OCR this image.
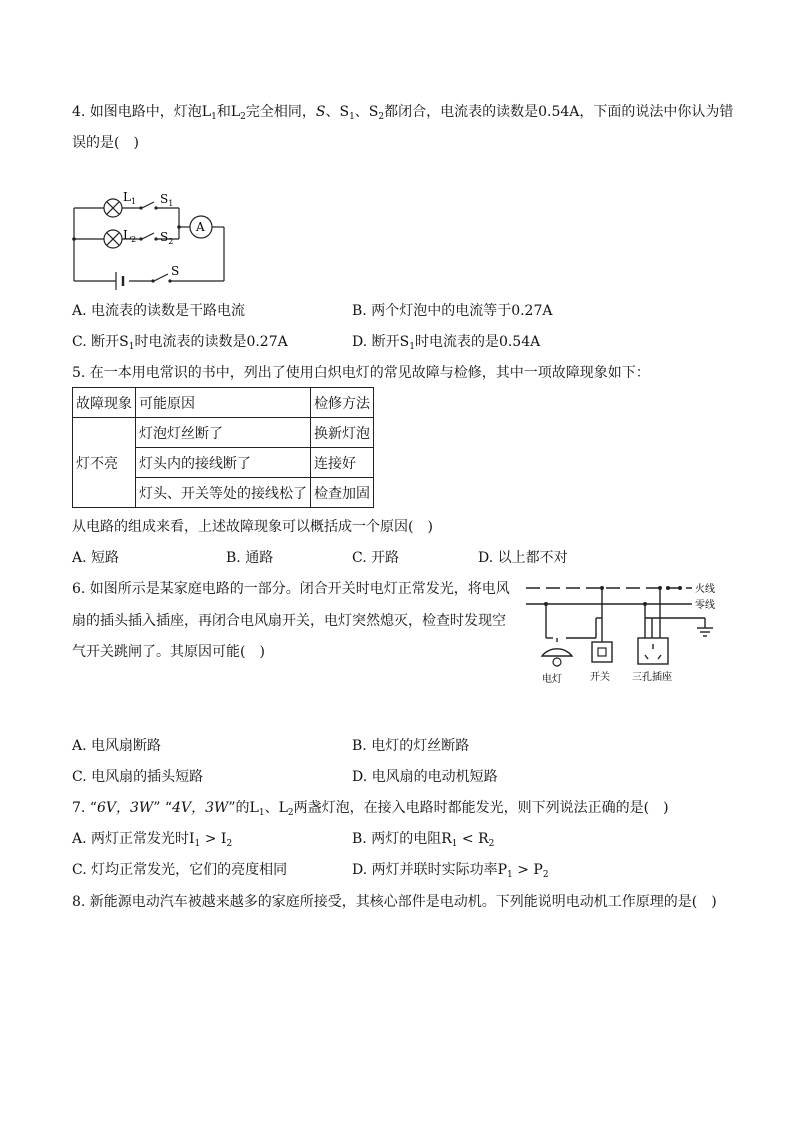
4. 如图电路中，灯泡$L_1$和$L_2$完全相同，S、$S_1$、$S_2$都闭合，电流表的读数是0.54A，下面的说法中你认为错
误的是(　)
$L_1$ $S_1$
$L_2$ $S_2$
A
S
A. 电流表的读数是干路电流	B. 两个灯泡中的电流等于0.27A
C. 断开$S_1$时电流表的读数是0.27A	D. 断开$S_1$时电流表的是0.54A
5. 在一本用电常识的书中，列出了使用白炽电灯的常见故障与检修，其中一项故障现象如下：
故障现象	可能原因	检修方法
灯不亮	灯泡灯丝断了	换新灯泡
	灯头内的接线断了	连接好
	灯头、开关等处的接线松了	检查加固
从电路的组成来看，上述故障现象可以概括成一个原因(　)
A. 短路	B. 通路	C. 开路	D. 以上都不对
6. 如图所示是某家庭电路的一部分。闭合开关时电灯正常发光，将电风
扇的插头插入插座，再闭合电风扇开关，电灯突然熄灭，检查时发现空
气开关跳闸了。其原因可能(　)
火线
零线
电灯	开关 三孔插座
A. 电风扇断路	B. 电灯的灯丝断路
C. 电风扇的插头短路	D. 电风扇的电动机短路
7. “6V，3W” “4V，3W”的$L_1$、$L_2$两盏灯泡，在接入电路时都能发光，则下列说法正确的是(　)
A. 两灯正常发光时$I_1 > I_2$	B. 两灯的电阻$R_1 < R_2$
C. 灯均正常发光，它们的亮度相同	D. 两灯并联时实际功率$P_1 > P_2$
8. 新能源电动汽车被越来越多的家庭所接受，其核心部件是电动机。下列能说明电动机工作原理的是(　)
